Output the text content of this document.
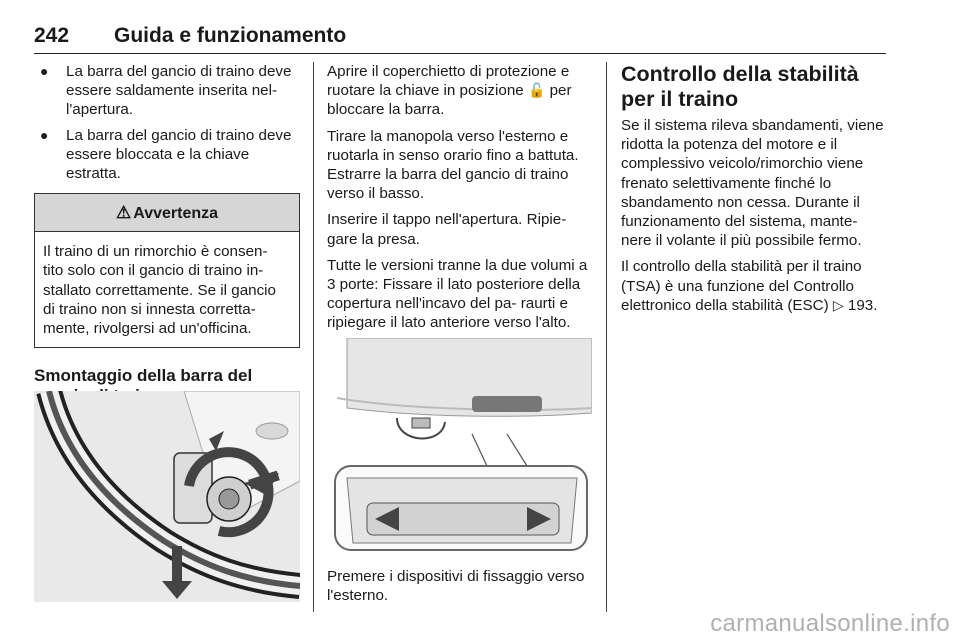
242 Guida e funzionamento
● La barra del gancio di traino deve essere saldamente inserita nel- l'apertura.
● La barra del gancio di traino deve essere bloccata e la chiave estratta.
⚠ Avvertenza
Il traino di un rimorchio è consen- tito solo con il gancio di traino in- stallato correttamente. Se il gancio di traino non si innesta corretta- mente, rivolgersi ad un'officina.
Smontaggio della barra del

Aprire il coperchietto di protezione e ruotare la chiave in posizione 🔓 per bloccare la barra.

Tirare la manopola verso l'esterno e ruotarla in senso orario fino a battuta. Estrarre la barra del gancio di traino verso il basso.

Inserire il tappo nell'apertura. Ripie- gare la presa.

Tutte le versioni tranne la due volumi a 3 porte: Fissare il lato posteriore della copertura nell'incavo del pa- raurti e ripiegare il lato anteriore verso l'alto.

Premere i dispositivi di fissaggio verso l'esterno.
Controllo della stabilità per il traino

Se il sistema rileva sbandamenti, viene ridotta la potenza del motore e il complessivo veicolo/rimorchio viene frenato selettivamente finché lo sbandamento non cessa. Durante il funzionamento del sistema, mante- nere il volante il più possibile fermo.

Il controllo della stabilità per il traino (TSA) è una funzione del Controllo elettronico della stabilità (ESC) ▷ 193.

carmanualsonline.info
